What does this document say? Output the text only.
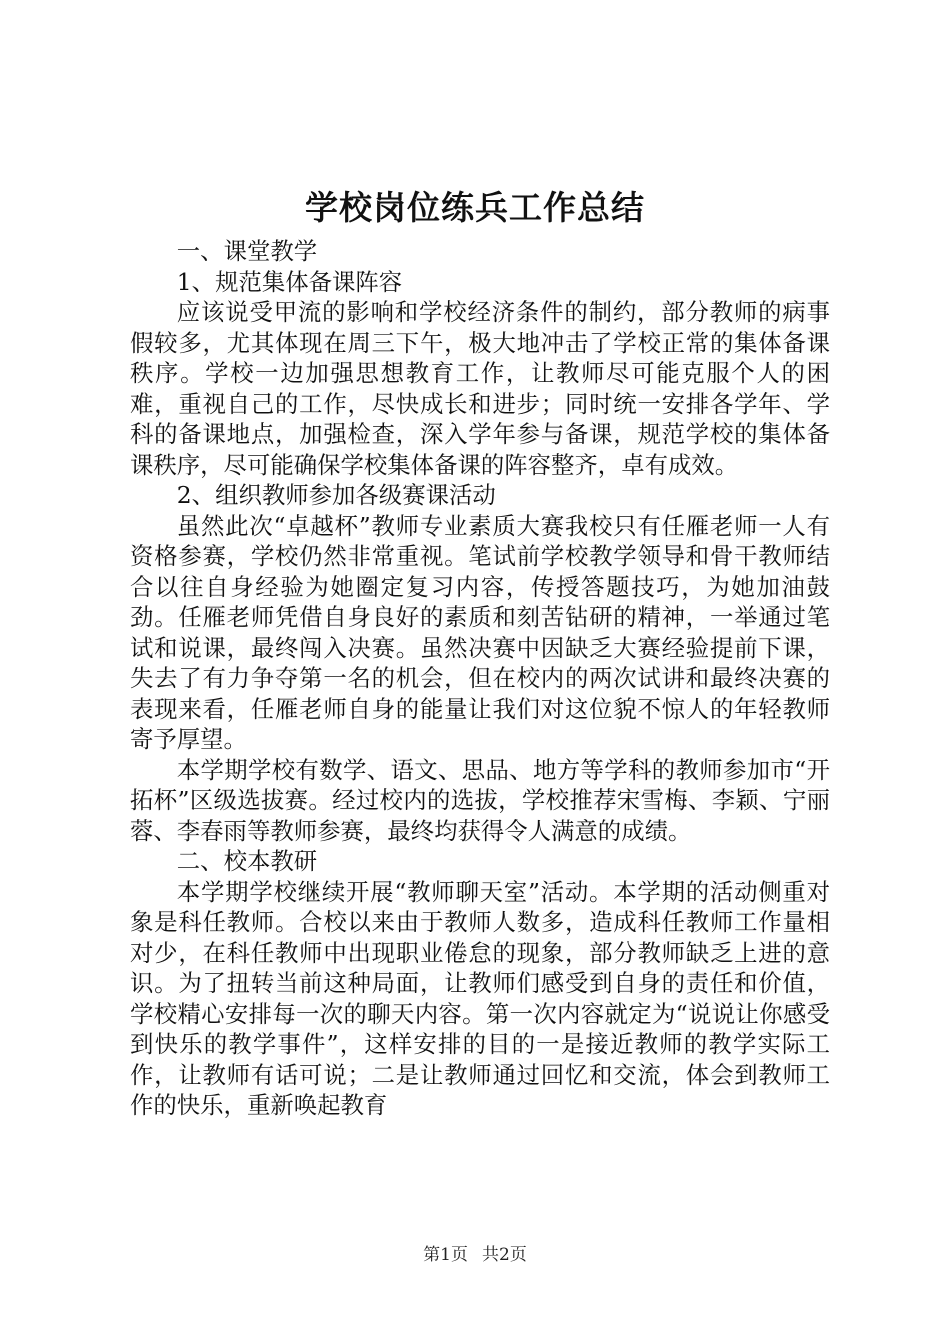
学校岗位练兵工作总结

一、课堂教学

1、规范集体备课阵容

应该说受甲流的影响和学校经济条件的制约，部分教师的病事假较多，尤其体现在周三下午，极大地冲击了学校正常的集体备课秩序。学校一边加强思想教育工作，让教师尽可能克服个人的困难，重视自己的工作，尽快成长和进步；同时统一安排各学年、学科的备课地点，加强检查，深入学年参与备课，规范学校的集体备课秩序，尽可能确保学校集体备课的阵容整齐，卓有成效。

2、组织教师参加各级赛课活动

虽然此次“卓越杯”教师专业素质大赛我校只有任雁老师一人有资格参赛，学校仍然非常重视。笔试前学校教学领导和骨干教师结合以往自身经验为她圈定复习内容，传授答题技巧，为她加油鼓劲。任雁老师凭借自身良好的素质和刻苦钻研的精神，一举通过笔试和说课，最终闯入决赛。虽然决赛中因缺乏大赛经验提前下课，失去了有力争夺第一名的机会，但在校内的两次试讲和最终决赛的表现来看，任雁老师自身的能量让我们对这位貌不惊人的年轻教师寄予厚望。

本学期学校有数学、语文、思品、地方等学科的教师参加市“开拓杯”区级选拔赛。经过校内的选拔，学校推荐宋雪梅、李颖、宁丽蓉、李春雨等教师参赛，最终均获得令人满意的成绩。

二、校本教研

本学期学校继续开展“教师聊天室”活动。本学期的活动侧重对象是科任教师。合校以来由于教师人数多，造成科任教师工作量相对少，在科任教师中出现职业倦怠的现象，部分教师缺乏上进的意识。为了扭转当前这种局面，让教师们感受到自身的责任和价值，学校精心安排每一次的聊天内容。第一次内容就定为“说说让你感受到快乐的教学事件”，这样安排的目的一是接近教师的教学实际工作，让教师有话可说；二是让教师通过回忆和交流，体会到教师工作的快乐，重新唤起教育

第1页 共2页
